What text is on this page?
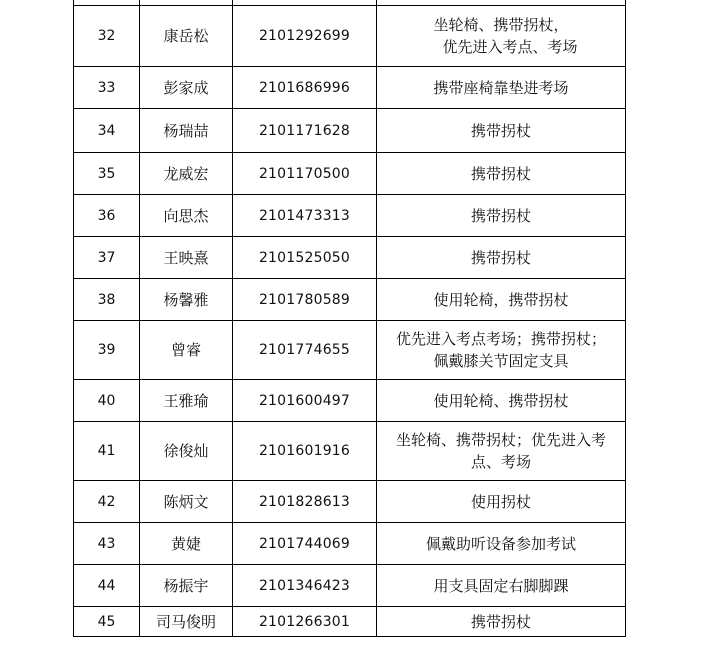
32	康岳松	2101292699	坐轮椅、携带拐杖，
优先进入考点、考场

33	彭家成	2101686996	携带座椅靠垫进考场
34	杨瑞喆	2101171628	携带拐杖
35	龙威宏	2101170500	携带拐杖
36	向思杰	2101473313	携带拐杖
37	王映熹	2101525050	携带拐杖
38	杨馨雅	2101780589	使用轮椅，携带拐杖
39	曾睿	2101774655	优先进入考点考场；携带拐杖；
佩戴膝关节固定支具

40	王雅瑜	2101600497	使用轮椅、携带拐杖
41	徐俊灿	2101601916	坐轮椅、携带拐杖；优先进入考
点、考场

42	陈炳文	2101828613	使用拐杖
43	黄婕	2101744069	佩戴助听设备参加考试
44	杨振宇	2101346423	用支具固定右脚脚踝
45	司马俊明	2101266301	携带拐杖
